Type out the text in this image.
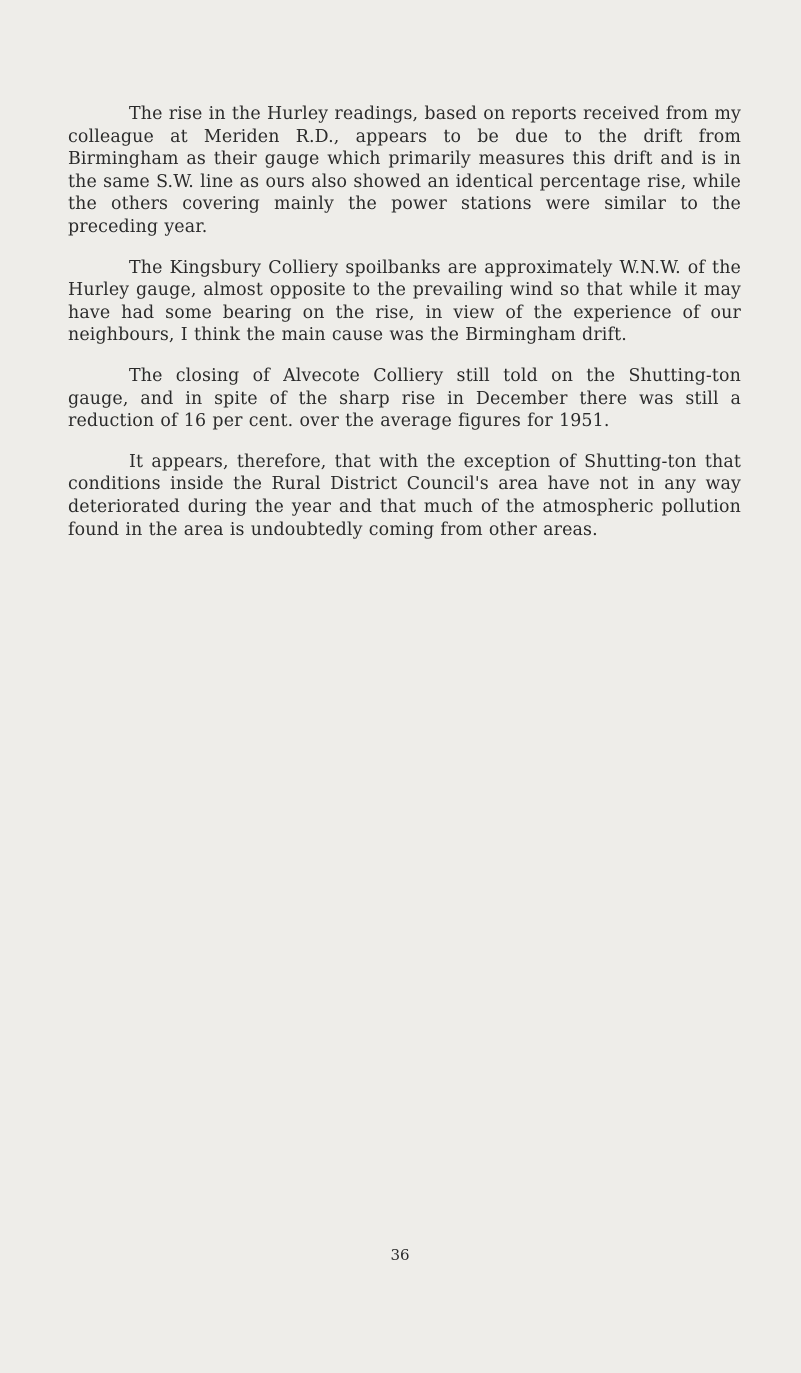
The rise in the Hurley readings, based on reports received from my colleague at Meriden R.D., appears to be due to the drift from Birmingham as their gauge which primarily measures this drift and is in the same S.W. line as ours also showed an identical percentage rise, while the others covering mainly the power stations were similar to the preceding year.

The Kingsbury Colliery spoilbanks are approximately W.N.W. of the Hurley gauge, almost opposite to the prevailing wind so that while it may have had some bearing on the rise, in view of the experience of our neighbours, I think the main cause was the Birmingham drift.

The closing of Alvecote Colliery still told on the Shutting-ton gauge, and in spite of the sharp rise in December there was still a reduction of 16 per cent. over the average figures for 1951.

It appears, therefore, that with the exception of Shutting-ton that conditions inside the Rural District Council's area have not in any way deteriorated during the year and that much of the atmospheric pollution found in the area is undoubtedly coming from other areas.

36
